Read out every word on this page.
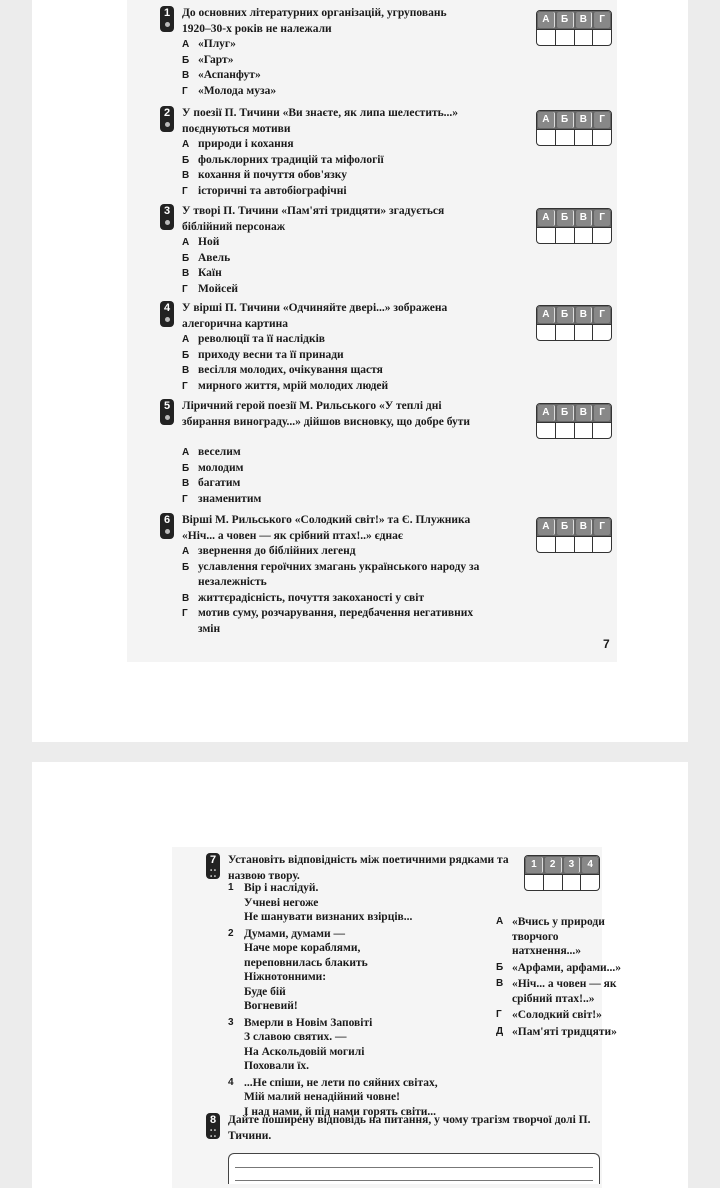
1	До основних літературних організацій, угруповань 1920–30-х років не належали
А «Плуг»
Б «Гарт»
В «Аспанфут»
Г «Молода муза»
А	Б	В	Г
2	У поезії П. Тичини «Ви знаєте, як липа шелестить...» поєднуються мотиви
А природи і кохання
Б фольклорних традицій та міфології
В кохання й почуття обов'язку
Г історичні та автобіографічні
А	Б	В	Г
3	У творі П. Тичини «Пам'яті тридцяти» згадується біблійний персонаж
А Ной
Б Авель
В Каїн
Г Мойсей
А	Б	В	Г
4	У вірші П. Тичини «Одчиняйте двері...» зображена алегорична картина
А революції та її наслідків
Б приходу весни та її принади
В весілля молодих, очікування щастя
Г мирного життя, мрій молодих людей
А	Б	В	Г
5	Ліричний герой поезії М. Рильського «У теплі дні збирання винограду...» дійшов висновку, що добре бути
А веселим
Б молодим
В багатим
Г знаменитим
А	Б	В	Г
6	Вірші М. Рильського «Солодкий світ!» та Є. Плужника «Ніч... а човен — як срібний птах!..» єднає
А звернення до біблійних легенд
Б уславлення героїчних змагань українського народу за незалежність
В життєрадісність, почуття закоханості у світ
Г мотив суму, розчарування, передбачення негативних змін
А	Б	В	Г
7
7
• •
• •
Установіть відповідність між поетичними рядками та назвою твору.
1	2	3	4
1 Вір і наслідуй.
Учневі негоже
Не шанувати визнаних взірців...
2 Думами, думами —
Наче море кораблями,
переповнилась блакить
Ніжнотонними:
Буде бій
Вогневий!
3 Вмерли в Новім Заповіті
З славою святих. —
На Аскольдовій могилі
Поховали їх.
4 ...Не спіши, не лети по сяйних світах,
Мій малий ненадійний човне!
І над нами, й під нами горять світи...
А «Вчись у природи творчого натхнення...»
Б «Арфами, арфами...»
В «Ніч... а човен — як срібний птах!..»
Г «Солодкий світ!»
Д «Пам'яті тридцяти»
8
• •
• •
Дайте поширену відповідь на питання, у чому трагізм творчої долі П. Тичини.
